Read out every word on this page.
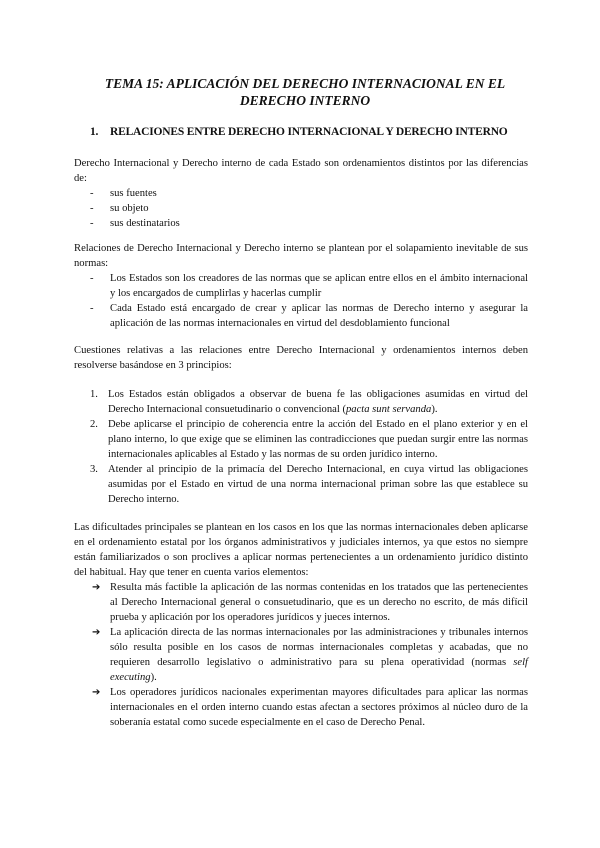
TEMA 15: APLICACIÓN DEL DERECHO INTERNACIONAL EN EL
DERECHO INTERNO
1. RELACIONES ENTRE DERECHO INTERNACIONAL Y DERECHO INTERNO
Derecho Internacional y Derecho interno de cada Estado son ordenamientos distintos por las diferencias de:
- sus fuentes
- su objeto
- sus destinatarios
Relaciones de Derecho Internacional y Derecho interno se plantean por el solapamiento inevitable de sus normas:
- Los Estados son los creadores de las normas que se aplican entre ellos en el ámbito internacional y los encargados de cumplirlas y hacerlas cumplir
- Cada Estado está encargado de crear y aplicar las normas de Derecho interno y asegurar la aplicación de las normas internacionales en virtud del desdoblamiento funcional
Cuestiones relativas a las relaciones entre Derecho Internacional y ordenamientos internos deben resolverse basándose en 3 principios:
1. Los Estados están obligados a observar de buena fe las obligaciones asumidas en virtud del Derecho Internacional consuetudinario o convencional (pacta sunt servanda).
2. Debe aplicarse el principio de coherencia entre la acción del Estado en el plano exterior y en el plano interno, lo que exige que se eliminen las contradicciones que puedan surgir entre las normas internacionales aplicables al Estado y las normas de su orden jurídico interno.
3. Atender al principio de la primacía del Derecho Internacional, en cuya virtud las obligaciones asumidas por el Estado en virtud de una norma internacional priman sobre las que establece su Derecho interno.
Las dificultades principales se plantean en los casos en los que las normas internacionales deben aplicarse en el ordenamiento estatal por los órganos administrativos y judiciales internos, ya que estos no siempre están familiarizados o son proclives a aplicar normas pertenecientes a un ordenamiento jurídico distinto del habitual. Hay que tener en cuenta varios elementos:
➔ Resulta más factible la aplicación de las normas contenidas en los tratados que las pertenecientes al Derecho Internacional general o consuetudinario, que es un derecho no escrito, de más difícil prueba y aplicación por los operadores jurídicos y jueces internos.
➔ La aplicación directa de las normas internacionales por las administraciones y tribunales internos sólo resulta posible en los casos de normas internacionales completas y acabadas, que no requieren desarrollo legislativo o administrativo para su plena operatividad (normas self executing).
➔ Los operadores jurídicos nacionales experimentan mayores dificultades para aplicar las normas internacionales en el orden interno cuando estas afectan a sectores próximos al núcleo duro de la soberanía estatal como sucede especialmente en el caso de Derecho Penal.
